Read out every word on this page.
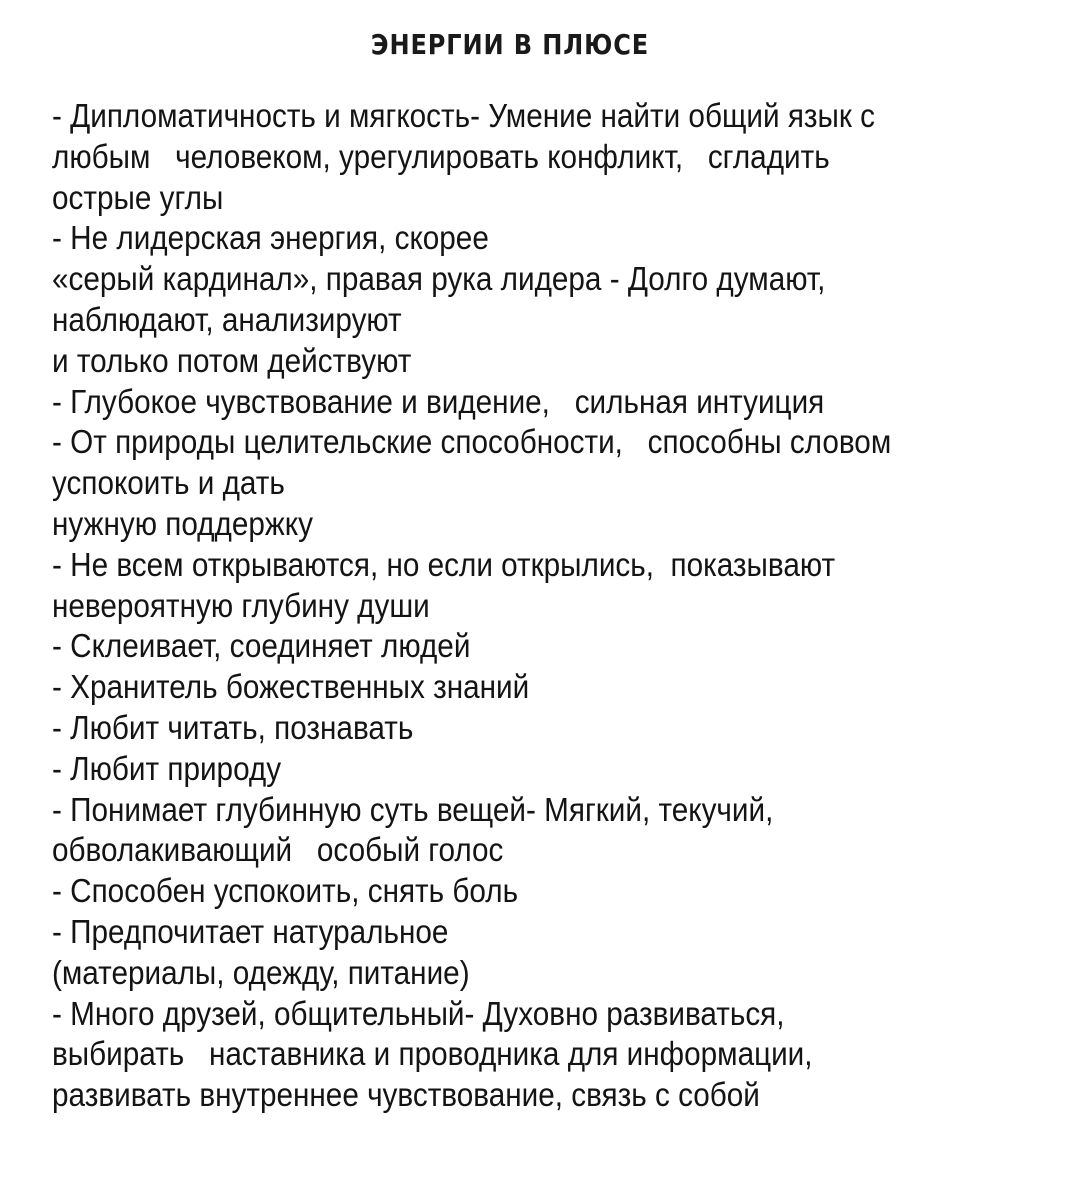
ЭНЕРГИИ В ПЛЮСЕ
- Дипломатичность и мягкость- Умение найти общий язык с
любым   человеком, урегулировать конфликт,   сгладить
острые углы
- Не лидерская энергия, скорее
«серый кардинал», правая рука лидера - Долго думают,
наблюдают, анализируют
и только потом действуют
- Глубокое чувствование и видение,   сильная интуиция
- От природы целительские способности,   способны словом
успокоить и дать
нужную поддержку
- Не всем открываются, но если открылись,  показывают
невероятную глубину души
- Склеивает, соединяет людей
- Хранитель божественных знаний
- Любит читать, познавать
- Любит природу
- Понимает глубинную суть вещей- Мягкий, текучий,
обволакивающий   особый голос
- Способен успокоить, снять боль
- Предпочитает натуральное
(материалы, одежду, питание)
- Много друзей, общительный- Духовно развиваться,
выбирать   наставника и проводника для информации,
развивать внутреннее чувствование, связь с собой
